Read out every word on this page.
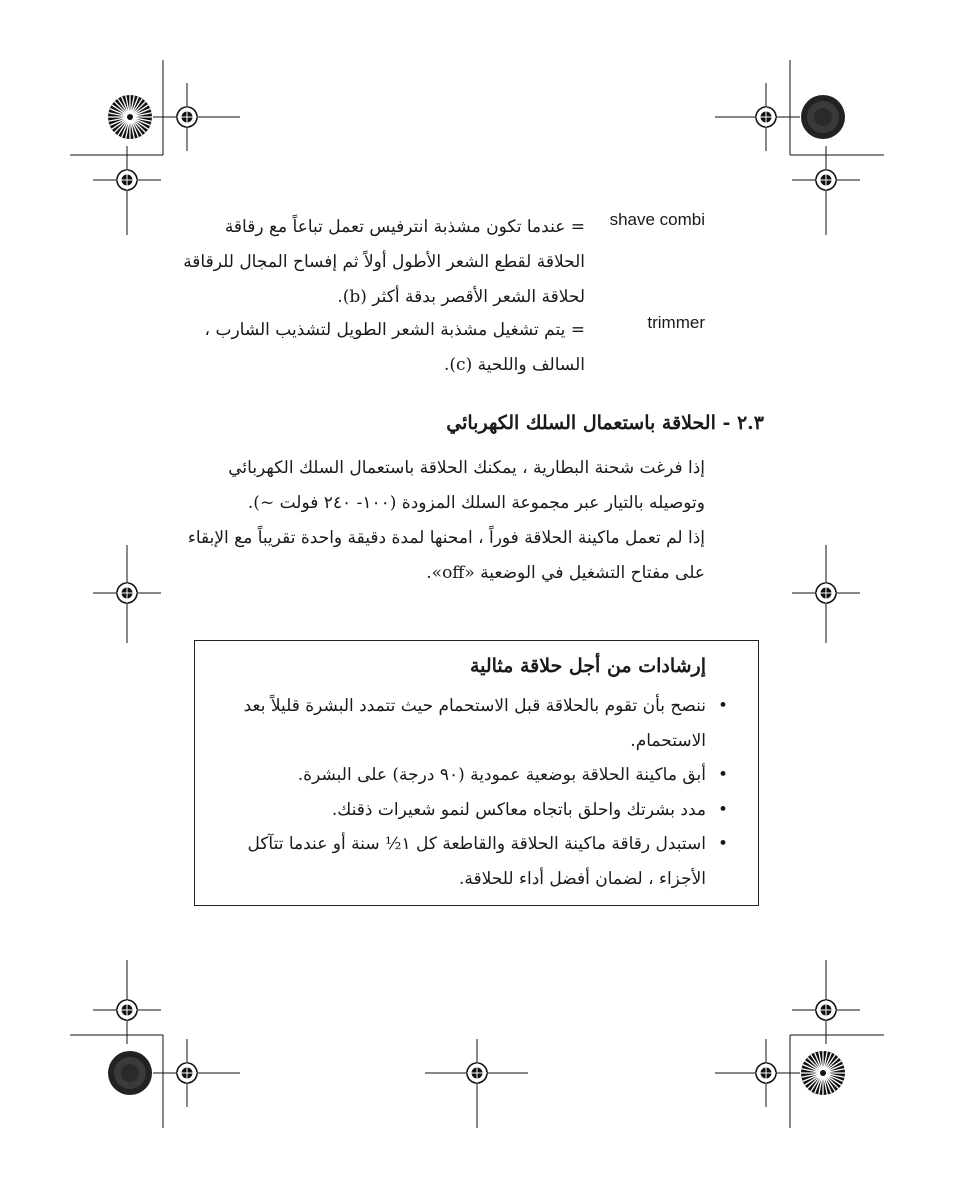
shave combi
= عندما تكون مشذبة انترفيس تعمل تباعاً مع رقاقة
الحلاقة لقطع الشعر الأطول أولاً ثم إفساح المجال للرقاقة
لحلاقة الشعر الأقصر بدقة أكثر (b).
trimmer
= يتم تشغيل مشذبة الشعر الطويل لتشذيب الشارب ،
السالف واللحية (c).
٢.٣ - الحلاقة باستعمال السلك الكهربائي
إذا فرغت شحنة البطارية ، يمكنك الحلاقة باستعمال السلك الكهربائي
وتوصيله بالتيار عبر مجموعة السلك المزودة (١٠٠- ٢٤٠ فولت ~).
إذا لم تعمل ماكينة الحلاقة فوراً ، امحنها لمدة دقيقة واحدة تقريباً مع الإبقاء
على مفتاح التشغيل في الوضعية «off».
إرشادات من أجل حلاقة مثالية
•
ننصح بأن تقوم بالحلاقة قبل الاستحمام حيث تتمدد البشرة قليلاً بعد الاستحمام.
•
أبق ماكينة الحلاقة بوضعية عمودية (٩٠ درجة) على البشرة.
•
مدد بشرتك واحلق باتجاه معاكس لنمو شعيرات ذقنك.
•
استبدل رقاقة ماكينة الحلاقة والقاطعة كل ١½ سنة أو عندما تتآكل الأجزاء ، لضمان أفضل أداء للحلاقة.
